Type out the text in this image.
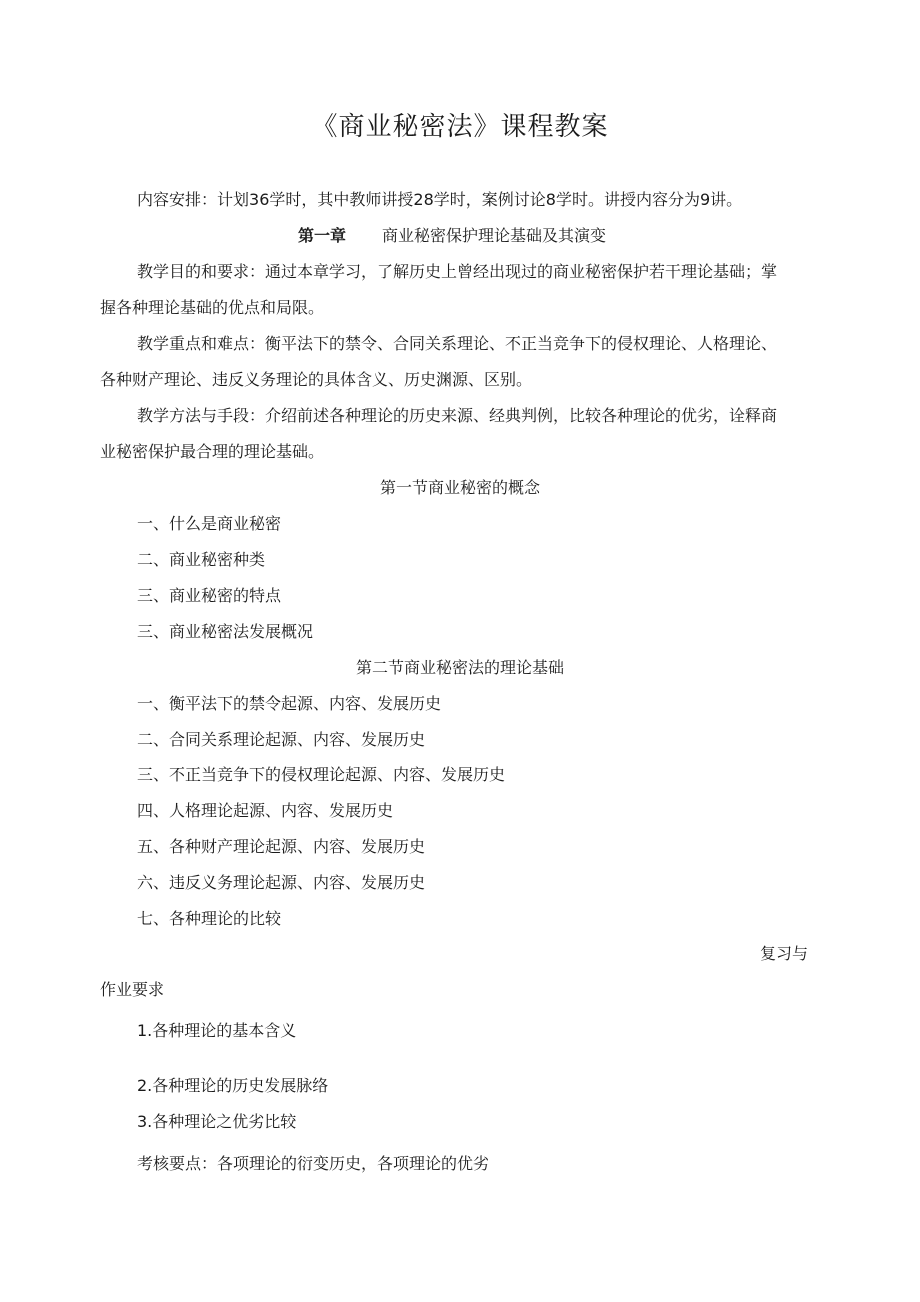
《商业秘密法》课程教案
内容安排：计划36学时，其中教师讲授28学时，案例讨论8学时。讲授内容分为9讲。
第一章 商业秘密保护理论基础及其演变
教学目的和要求：通过本章学习，了解历史上曾经出现过的商业秘密保护若干理论基础；掌
握各种理论基础的优点和局限。
教学重点和难点：衡平法下的禁令、合同关系理论、不正当竞争下的侵权理论、人格理论、
各种财产理论、违反义务理论的具体含义、历史渊源、区别。
教学方法与手段：介绍前述各种理论的历史来源、经典判例，比较各种理论的优劣，诠释商
业秘密保护最合理的理论基础。
第一节商业秘密的概念
一、什么是商业秘密
二、商业秘密种类
三、商业秘密的特点
三、商业秘密法发展概况
第二节商业秘密法的理论基础
一、衡平法下的禁令起源、内容、发展历史
二、合同关系理论起源、内容、发展历史
三、不正当竞争下的侵权理论起源、内容、发展历史
四、人格理论起源、内容、发展历史
五、各种财产理论起源、内容、发展历史
六、违反义务理论起源、内容、发展历史
七、各种理论的比较
复习与
作业要求
1.各种理论的基本含义
2.各种理论的历史发展脉络
3.各种理论之优劣比较
考核要点：各项理论的衍变历史，各项理论的优劣
